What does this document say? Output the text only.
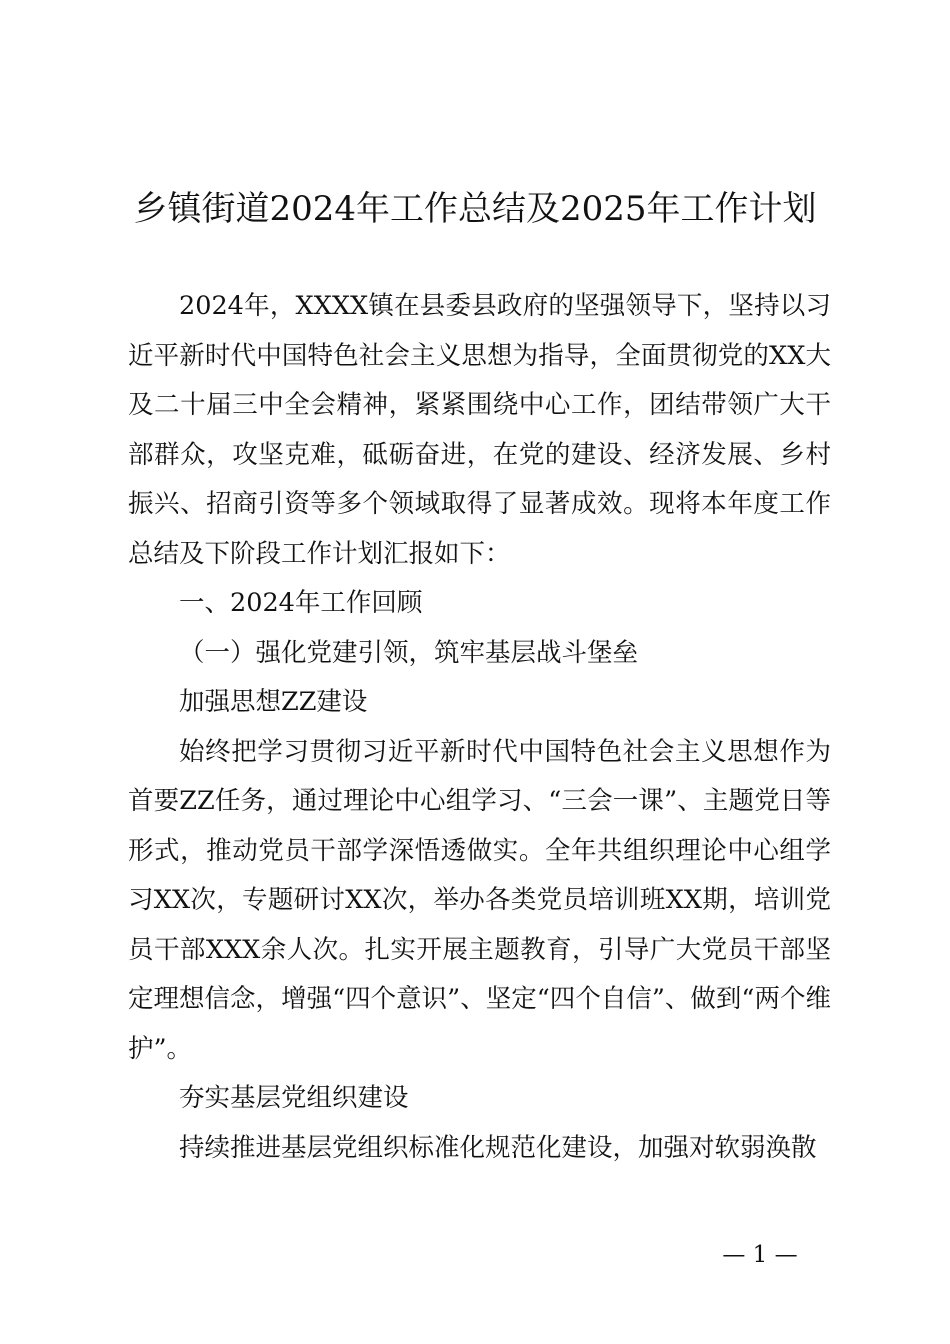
乡镇街道2024年工作总结及2025年工作计划

2024年，XXXX镇在县委县政府的坚强领导下，坚持以习近平新时代中国特色社会主义思想为指导，全面贯彻党的XX大及二十届三中全会精神，紧紧围绕中心工作，团结带领广大干部群众，攻坚克难，砥砺奋进，在党的建设、经济发展、乡村振兴、招商引资等多个领域取得了显著成效。现将本年度工作总结及下阶段工作计划汇报如下：

一、2024年工作回顾

（一）强化党建引领，筑牢基层战斗堡垒

加强思想ZZ建设

始终把学习贯彻习近平新时代中国特色社会主义思想作为首要ZZ任务，通过理论中心组学习、“三会一课”、主题党日等形式，推动党员干部学深悟透做实。全年共组织理论中心组学习XX次，专题研讨XX次，举办各类党员培训班XX期，培训党员干部XXX余人次。扎实开展主题教育，引导广大党员干部坚定理想信念，增强“四个意识”、坚定“四个自信”、做到“两个维护”。

夯实基层党组织建设

持续推进基层党组织标准化规范化建设，加强对软弱涣散

— 1 —
